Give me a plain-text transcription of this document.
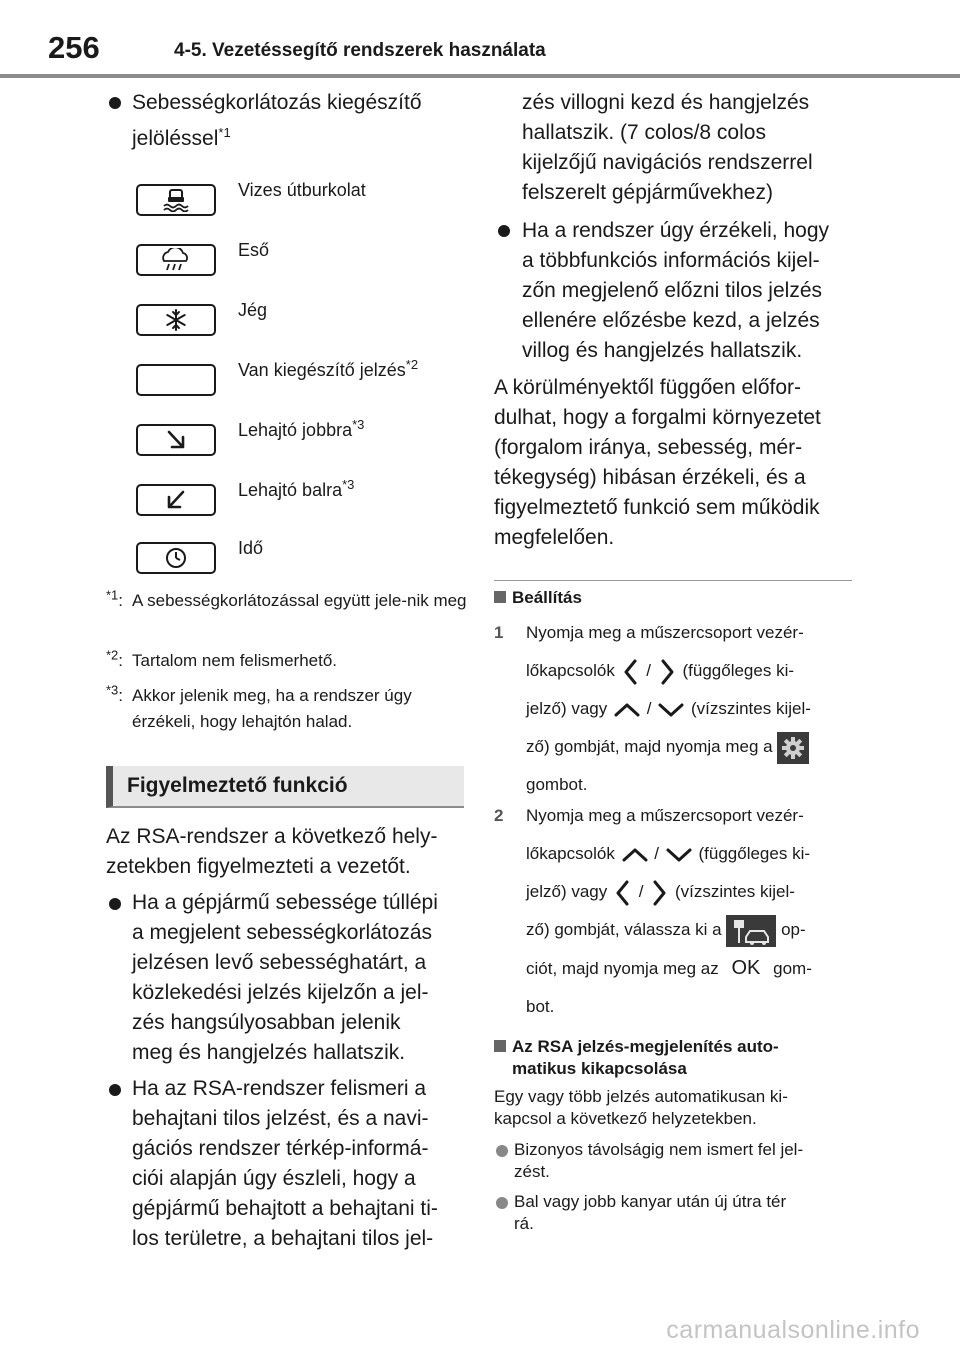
256	4-5. Vezetéssegítő rendszerek használata
Sebességkorlátozás kiegészítő
jelöléssel$^{*1}$
Vizes útburkolat
Eső
Jég
Van kiegészítő jelzés$^{*2}$
Lehajtó jobbra$^{*3}$
Lehajtó balra$^{*3}$
Idő
$^{*1}$: A sebességkorlátozással együtt jele-nik meg
$^{*2}$: Tartalom nem felismerhető.
$^{*3}$: Akkor jelenik meg, ha a rendszer úgy érzékeli, hogy lehajtón halad.
Figyelmeztető funkció
Az RSA-rendszer a következő hely-
zetekben figyelmezteti a vezetőt.
Ha a gépjármű sebessége túllépi
a megjelent sebességkorlátozás
jelzésen levő sebességhatárt, a
közlekedési jelzés kijelzőn a jel-
zés hangsúlyosabban jelenik
meg és hangjelzés hallatszik.
Ha az RSA-rendszer felismeri a
behajtani tilos jelzést, és a navi-
gációs rendszer térkép-informá-
ciói alapján úgy észleli, hogy a
gépjármű behajtott a behajtani ti-
los területre, a behajtani tilos jel-
zés villogni kezd és hangjelzés
hallatszik. (7 colos/8 colos
kijelzőjű navigációs rendszerrel
felszerelt gépjárművekhez)
Ha a rendszer úgy érzékeli, hogy
a többfunkciós információs kijel-
zőn megjelenő előzni tilos jelzés
ellenére előzésbe kezd, a jelzés
villog és hangjelzés hallatszik.
A körülményektől függően előfor-
dulhat, hogy a forgalmi környezetet
(forgalom iránya, sebesség, mér-
tékegység) hibásan érzékeli, és a
figyelmeztető funkció sem működik
megfelelően.
Beállítás
1 Nyomja meg a műszercsoport vezér-
lőkapcsolók / (függőleges ki-
jelző) vagy / (vízszintes kijel-
ző) gombját, majd nyomja meg a
gombot.
2 Nyomja meg a műszercsoport vezér-
lőkapcsolók / (függőleges ki-
jelző) vagy / (vízszintes kijel-
ző) gombját, válassza ki a	op-
ciót, majd nyomja meg az OK gom-
bot.
Az RSA jelzés-megjelenítés auto-
matikus kikapcsolása
Egy vagy több jelzés automatikusan ki-
kapcsol a következő helyzetekben.
Bizonyos távolságig nem ismert fel jel-
zést.
Bal vagy jobb kanyar után új útra tér
rá.
carmanualsonline.info
